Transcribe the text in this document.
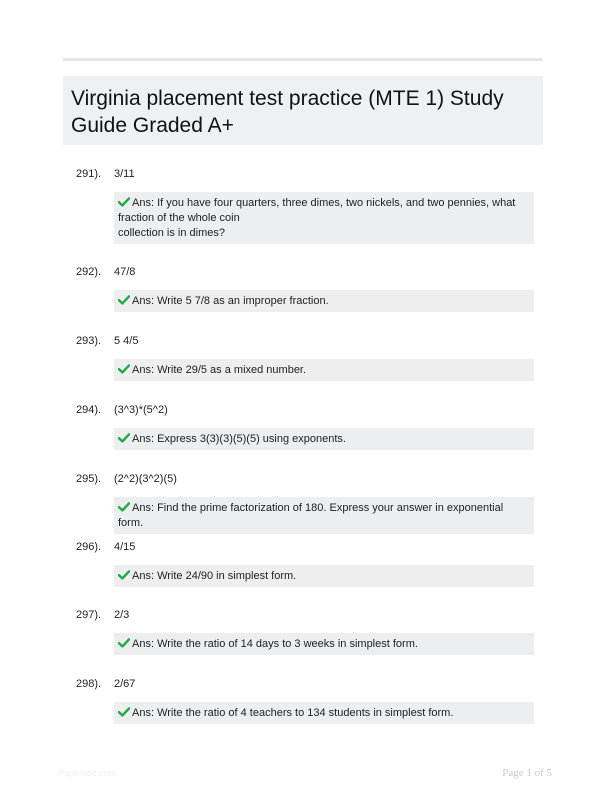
Virginia placement test practice (MTE 1) Study Guide Graded A+
291). 3/11
Ans: If you have four quarters, three dimes, two nickels, and two pennies, what fraction of the whole coin
collection is in dimes?
292). 47/8
Ans: Write 5 7/8 as an improper fraction.
293). 5 4/5
Ans: Write 29/5 as a mixed number.
294). (3^3)*(5^2)
Ans: Express 3(3)(3)(5)(5) using exponents.
295). (2^2)(3^2)(5)
Ans: Find the prime factorization of 180. Express your answer in exponential form.
296). 4/15
Ans: Write 24/90 in simplest form.
297). 2/3
Ans: Write the ratio of 14 days to 3 weeks in simplest form.
298). 2/67
Ans: Write the ratio of 4 teachers to 134 students in simplest form.
Paperbbc.com	Page 1 of 5
